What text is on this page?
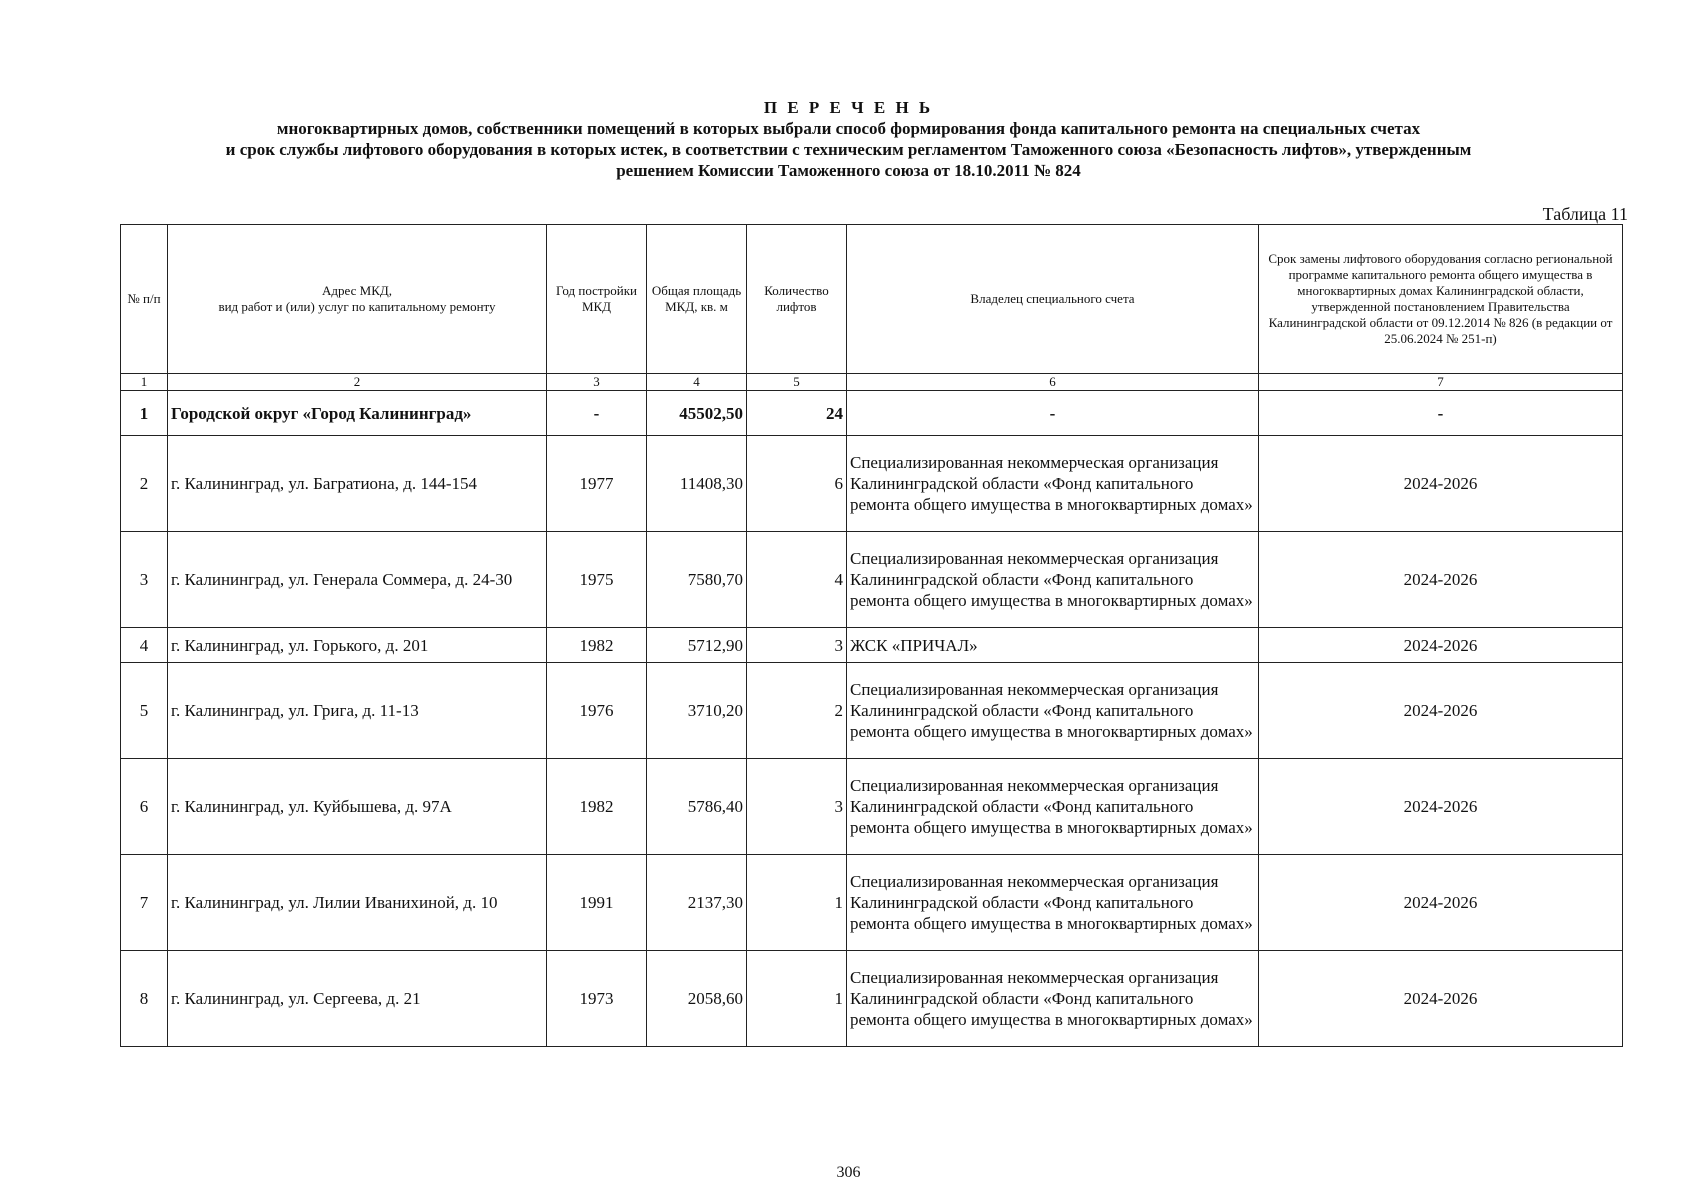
П Е Р Е Ч Е Н Ь
многоквартирных домов, собственники помещений в которых выбрали способ формирования фонда капитального ремонта на специальных счетах
и срок службы лифтового оборудования в которых истек, в соответствии с техническим регламентом Таможенного союза «Безопасность лифтов», утвержденным
решением Комиссии Таможенного союза от 18.10.2011 № 824
Таблица 11
№ п/п	Адрес МКД,
вид работ и (или) услуг по капитальному ремонту	Год постройки МКД	Общая площадь МКД, кв. м	Количество лифтов	Владелец специального счета	Срок замены лифтового оборудования согласно региональной программе капитального ремонта общего имущества в многоквартирных домах Калининградской области, утвержденной постановлением Правительства Калининградской области от 09.12.2014 № 826 (в редакции от 25.06.2024 № 251-п)
1	2	3	4	5	6	7
1	Городской округ «Город Калининград»	-	45502,50	24	-	-
2	г. Калининград, ул. Багратиона, д. 144-154	1977	11408,30	6	Специализированная некоммерческая организация Калининградской области «Фонд капитального ремонта общего имущества в многоквартирных домах»	2024-2026
3	г. Калининград, ул. Генерала Соммера, д. 24-30	1975	7580,70	4	Специализированная некоммерческая организация Калининградской области «Фонд капитального ремонта общего имущества в многоквартирных домах»	2024-2026
4	г. Калининград, ул. Горького, д. 201	1982	5712,90	3	ЖСК «ПРИЧАЛ»	2024-2026
5	г. Калининград, ул. Грига, д. 11-13	1976	3710,20	2	Специализированная некоммерческая организация Калининградской области «Фонд капитального ремонта общего имущества в многоквартирных домах»	2024-2026
6	г. Калининград, ул. Куйбышева, д. 97А	1982	5786,40	3	Специализированная некоммерческая организация Калининградской области «Фонд капитального ремонта общего имущества в многоквартирных домах»	2024-2026
7	г. Калининград, ул. Лилии Иванихиной, д. 10	1991	2137,30	1	Специализированная некоммерческая организация Калининградской области «Фонд капитального ремонта общего имущества в многоквартирных домах»	2024-2026
8	г. Калининград, ул. Сергеева, д. 21	1973	2058,60	1	Специализированная некоммерческая организация Калининградской области «Фонд капитального ремонта общего имущества в многоквартирных домах»	2024-2026
306
